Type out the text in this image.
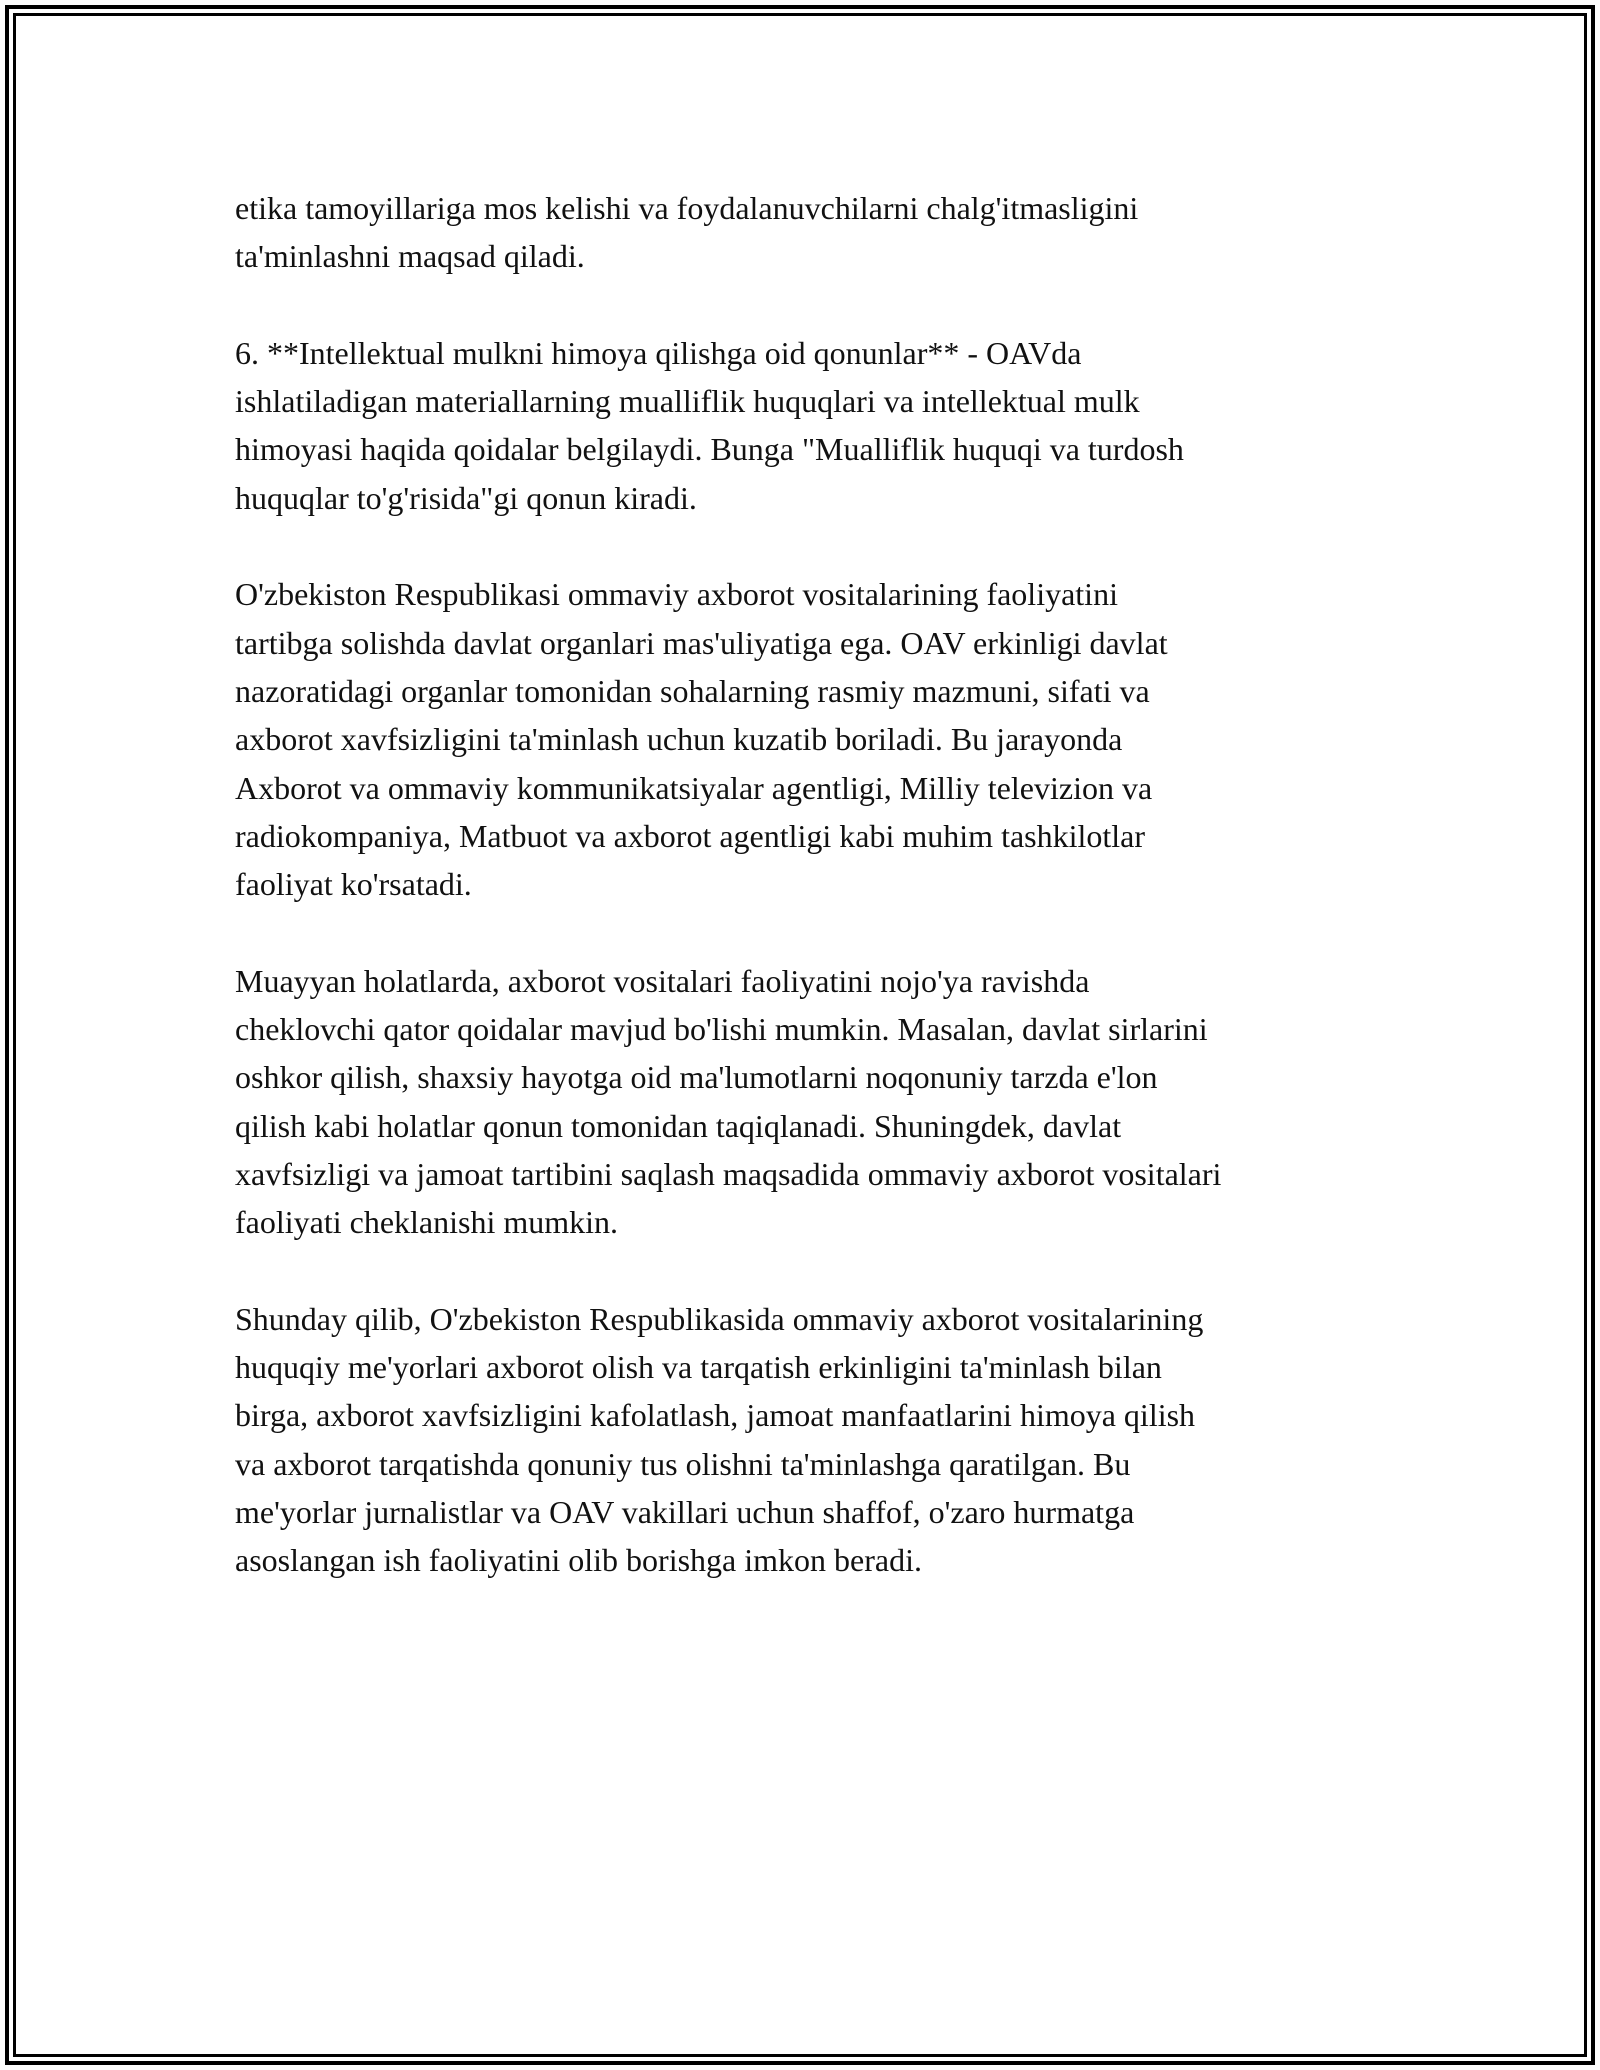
etika tamoyillariga mos kelishi va foydalanuvchilarni chalg'itmasligini
ta'minlashni maqsad qiladi.

6. **Intellektual mulkni himoya qilishga oid qonunlar** - OAVda
ishlatiladigan materiallarning mualliflik huquqlari va intellektual mulk
himoyasi haqida qoidalar belgilaydi. Bunga "Mualliflik huquqi va turdosh
huquqlar to'g'risida"gi qonun kiradi.

O'zbekiston Respublikasi ommaviy axborot vositalarining faoliyatini
tartibga solishda davlat organlari mas'uliyatiga ega. OAV erkinligi davlat
nazoratidagi organlar tomonidan sohalarning rasmiy mazmuni, sifati va
axborot xavfsizligini ta'minlash uchun kuzatib boriladi. Bu jarayonda
Axborot va ommaviy kommunikatsiyalar agentligi, Milliy televizion va
radiokompaniya, Matbuot va axborot agentligi kabi muhim tashkilotlar
faoliyat ko'rsatadi.

Muayyan holatlarda, axborot vositalari faoliyatini nojo'ya ravishda
cheklovchi qator qoidalar mavjud bo'lishi mumkin. Masalan, davlat sirlarini
oshkor qilish, shaxsiy hayotga oid ma'lumotlarni noqonuniy tarzda e'lon
qilish kabi holatlar qonun tomonidan taqiqlanadi. Shuningdek, davlat
xavfsizligi va jamoat tartibini saqlash maqsadida ommaviy axborot vositalari
faoliyati cheklanishi mumkin.

Shunday qilib, O'zbekiston Respublikasida ommaviy axborot vositalarining
huquqiy me'yorlari axborot olish va tarqatish erkinligini ta'minlash bilan
birga, axborot xavfsizligini kafolatlash, jamoat manfaatlarini himoya qilish
va axborot tarqatishda qonuniy tus olishni ta'minlashga qaratilgan. Bu
me'yorlar jurnalistlar va OAV vakillari uchun shaffof, o'zaro hurmatga
asoslangan ish faoliyatini olib borishga imkon beradi.
